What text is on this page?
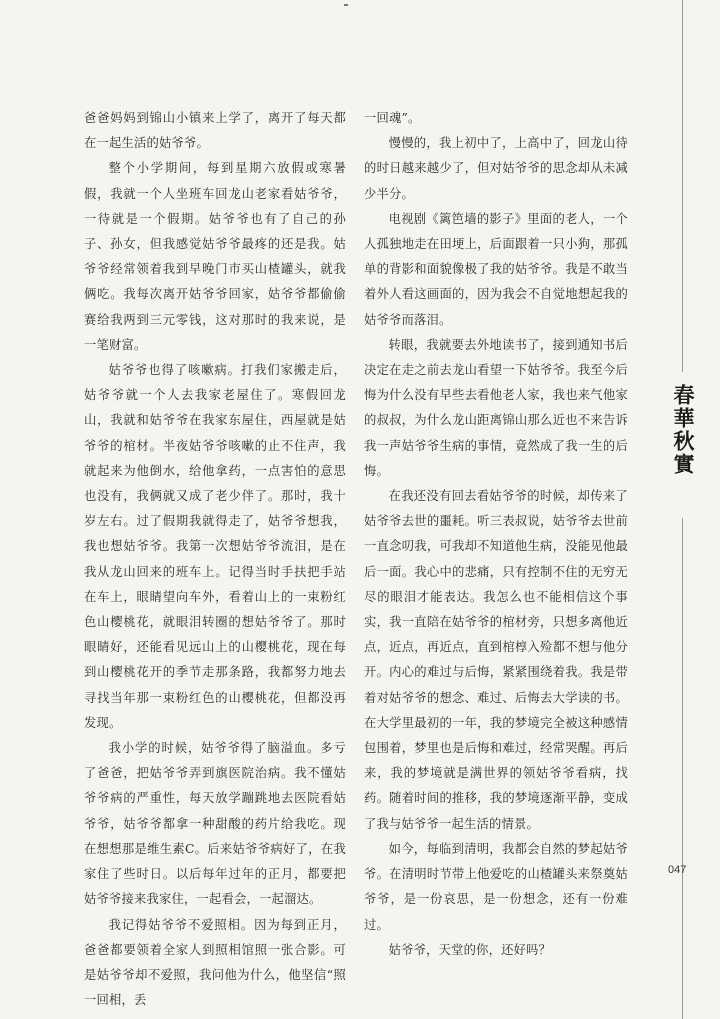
爸爸妈妈到锦山小镇来上学了，离开了每天都在一起生活的姑爷爷。

整个小学期间，每到星期六放假或寒暑假，我就一个人坐班车回龙山老家看姑爷爷，一待就是一个假期。姑爷爷也有了自己的孙子、孙女，但我感觉姑爷爷最疼的还是我。姑爷爷经常领着我到早晚门市买山楂罐头，就我俩吃。我每次离开姑爷爷回家，姑爷爷都偷偷赛给我两到三元零钱，这对那时的我来说，是一笔财富。

姑爷爷也得了咳嗽病。打我们家搬走后，姑爷爷就一个人去我家老屋住了。寒假回龙山，我就和姑爷爷在我家东屋住，西屋就是姑爷爷的棺材。半夜姑爷爷咳嗽的止不住声，我就起来为他倒水，给他拿药，一点害怕的意思也没有，我俩就又成了老少伴了。那时，我十岁左右。过了假期我就得走了，姑爷爷想我，我也想姑爷爷。我第一次想姑爷爷流泪，是在我从龙山回来的班车上。记得当时手扶把手站在车上，眼睛望向车外，看着山上的一束粉红色山樱桃花，就眼泪转圈的想姑爷爷了。那时眼睛好，还能看见远山上的山樱桃花，现在每到山樱桃花开的季节走那条路，我都努力地去寻找当年那一束粉红色的山樱桃花，但都没再发现。

我小学的时候，姑爷爷得了脑溢血。多亏了爸爸，把姑爷爷弄到旗医院治病。我不懂姑爷爷病的严重性，每天放学蹦跳地去医院看姑爷爷，姑爷爷都拿一种甜酸的药片给我吃。现在想想那是维生素C。后来姑爷爷病好了，在我家住了些时日。以后每年过年的正月，都要把姑爷爷接来我家住，一起看会，一起溜达。

我记得姑爷爷不爱照相。因为每到正月，爸爸都要领着全家人到照相馆照一张合影。可是姑爷爷却不爱照，我问他为什么，他坚信“照一回相，丢

一回魂”。

慢慢的，我上初中了，上高中了，回龙山待的时日越来越少了，但对姑爷爷的思念却从未减少半分。

电视剧《篱笆墙的影子》里面的老人，一个人孤独地走在田埂上，后面跟着一只小狗，那孤单的背影和面貌像极了我的姑爷爷。我是不敢当着外人看这画面的，因为我会不自觉地想起我的姑爷爷而落泪。

转眼，我就要去外地读书了，接到通知书后决定在走之前去龙山看望一下姑爷爷。我至今后悔为什么没有早些去看他老人家，我也来气他家的叔叔，为什么龙山距离锦山那么近也不来告诉我一声姑爷爷生病的事情，竟然成了我一生的后悔。

在我还没有回去看姑爷爷的时候，却传来了姑爷爷去世的噩耗。听三表叔说，姑爷爷去世前一直念叨我，可我却不知道他生病，没能见他最后一面。我心中的悲痛，只有控制不住的无穷无尽的眼泪才能表达。我怎么也不能相信这个事实，我一直陪在姑爷爷的棺材旁，只想多离他近点，近点，再近点，直到棺椁入殓都不想与他分开。内心的难过与后悔，紧紧围绕着我。我是带着对姑爷爷的想念、难过、后悔去大学读的书。在大学里最初的一年，我的梦境完全被这种感情包围着，梦里也是后悔和难过，经常哭醒。再后来，我的梦境就是满世界的领姑爷爷看病，找药。随着时间的推移，我的梦境逐渐平静，变成了我与姑爷爷一起生活的情景。

如今，每临到清明，我都会自然的梦起姑爷爷。在清明时节带上他爱吃的山楂罐头来祭奠姑爷爷，是一份哀思，是一份想念，还有一份难过。

姑爷爷，天堂的你，还好吗？

春華秋實
047
